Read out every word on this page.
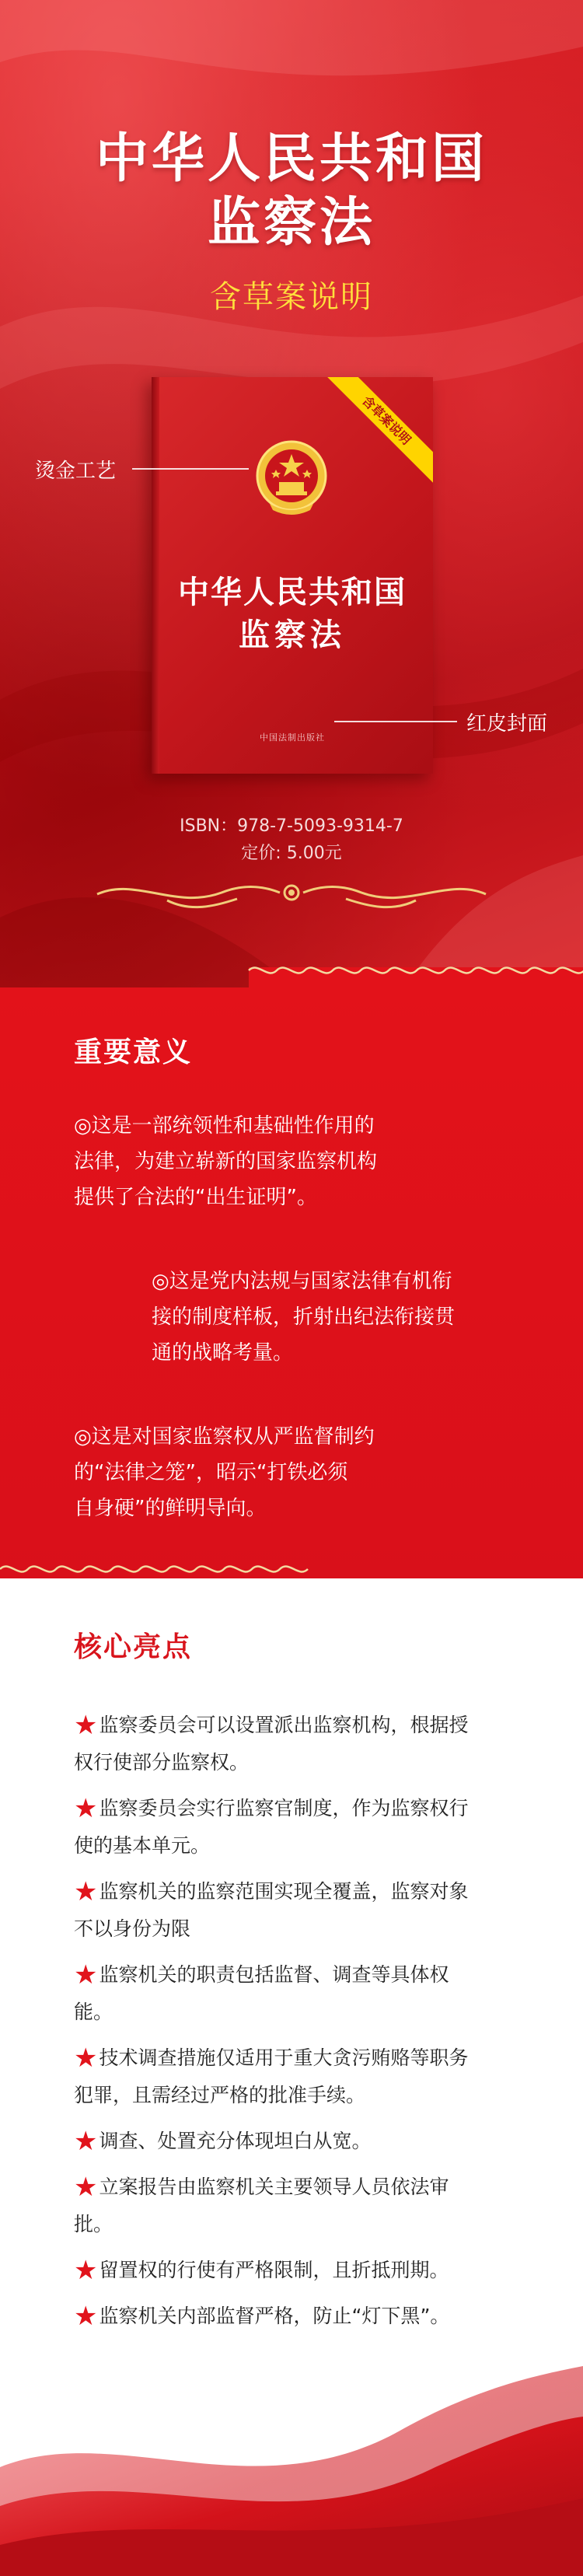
中华人民共和国
监察法
含草案说明
含草案说明
中华人民共和国
监察法
中国法制出版社
烫金工艺
红皮封面
ISBN：978-7-5093-9314-7
定价: 5.00元
重要意义
◎这是一部统领性和基础性作用的
法律，为建立崭新的国家监察机构
提供了合法的“出生证明”。
◎这是党内法规与国家法律有机衔
接的制度样板，折射出纪法衔接贯
通的战略考量。
◎这是对国家监察权从严监督制约
的“法律之笼”，昭示“打铁必须
自身硬”的鲜明导向。
核心亮点
★监察委员会可以设置派出监察机构，根据授
权行使部分监察权。
★监察委员会实行监察官制度，作为监察权行
使的基本单元。
★监察机关的监察范围实现全覆盖，监察对象
不以身份为限
★监察机关的职责包括监督、调查等具体权
能。
★技术调查措施仅适用于重大贪污贿赂等职务
犯罪，且需经过严格的批准手续。
★调查、处置充分体现坦白从宽。
★立案报告由监察机关主要领导人员依法审
批。
★留置权的行使有严格限制，且折抵刑期。
★监察机关内部监督严格，防止“灯下黑”。
